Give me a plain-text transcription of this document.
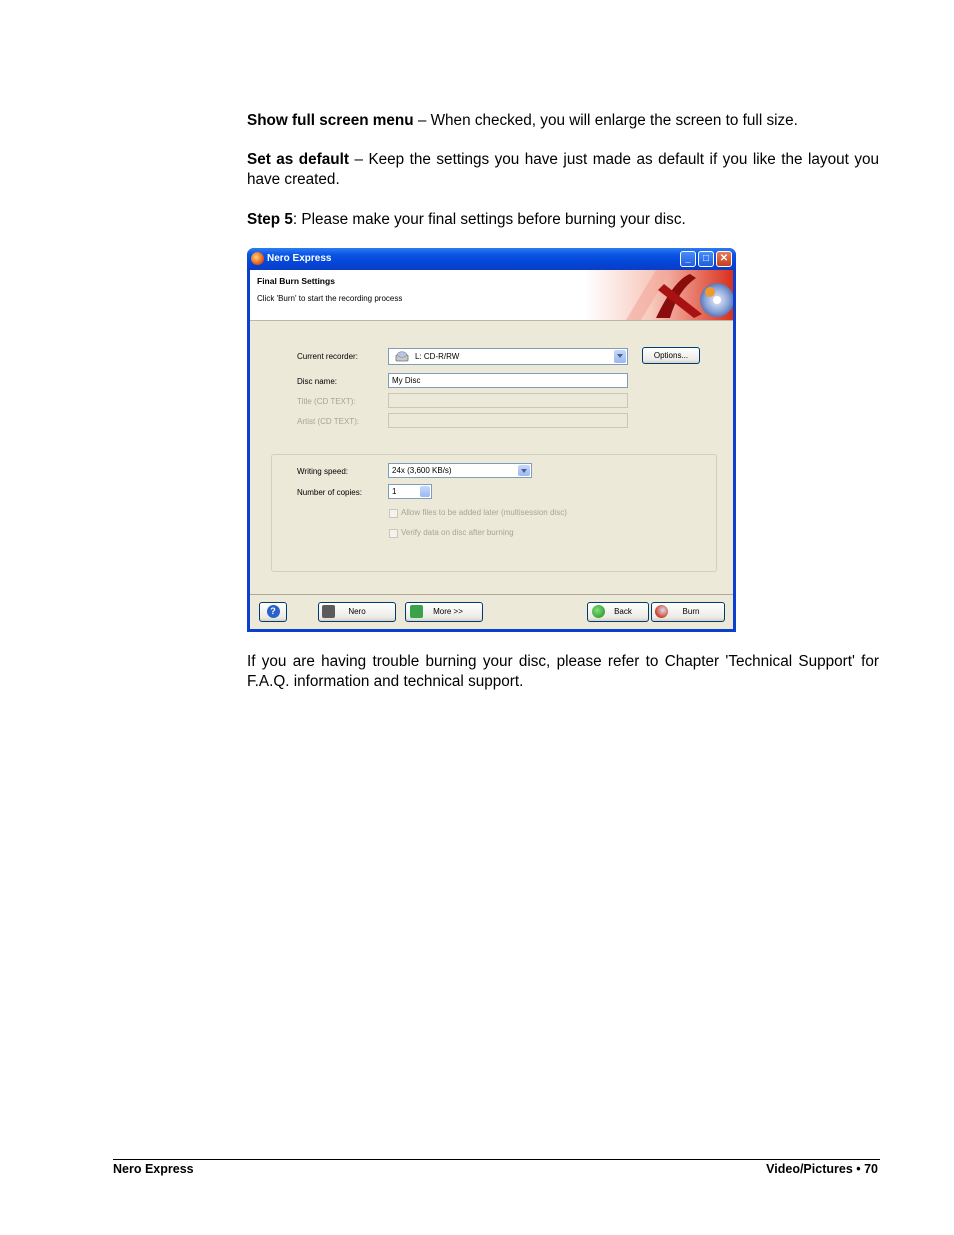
Show full screen menu – When checked, you will enlarge the screen to full size.
Set as default – Keep the settings you have just made as default if you like the layout you have created.
Step 5: Please make your final settings before burning your disc.
Nero Express	_	□	✕
Final Burn Settings
Click 'Burn' to start the recording process
Current recorder:	L: CD-R/RW	Options...
Disc name:	My Disc
Title (CD TEXT):
Artist (CD TEXT):
Writing speed:	24x (3,600 KB/s)
Number of copies:	1
Allow files to be added later (multisession disc)
Verify data on disc after burning
?	Nero	More >>	Back	Burn
If you are having trouble burning your disc, please refer to Chapter 'Technical Support' for F.A.Q. information and technical support.
Nero Express	Video/Pictures • 70
